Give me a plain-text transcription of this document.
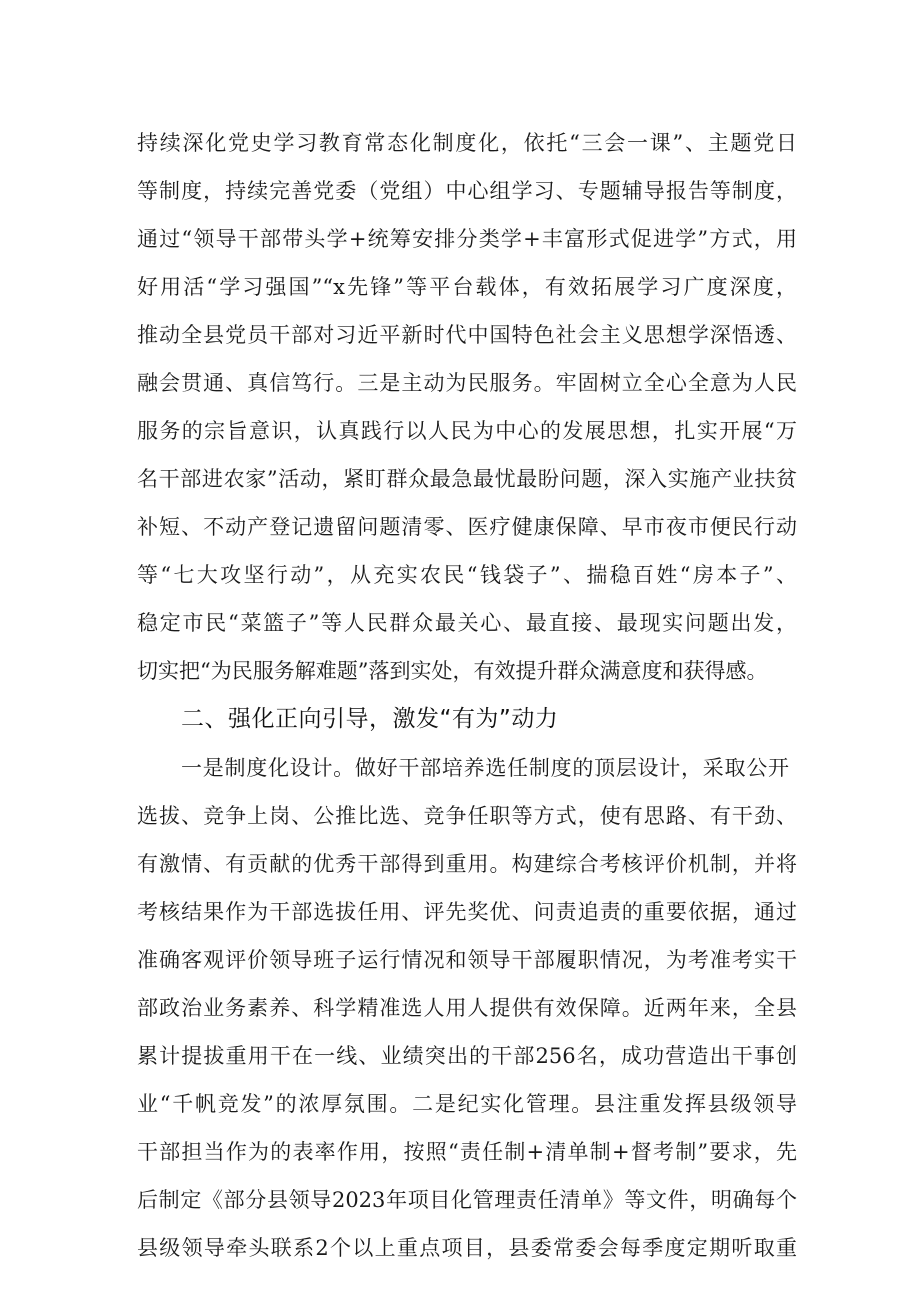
持续深化党史学习教育常态化制度化，依托“三会一课”、主题党日
等制度，持续完善党委（党组）中心组学习、专题辅导报告等制度，
通过“领导干部带头学+统筹安排分类学+丰富形式促进学”方式，用
好用活“学习强国”“x先锋”等平台载体，有效拓展学习广度深度，
推动全县党员干部对习近平新时代中国特色社会主义思想学深悟透、
融会贯通、真信笃行。三是主动为民服务。牢固树立全心全意为人民
服务的宗旨意识，认真践行以人民为中心的发展思想，扎实开展“万
名干部进农家”活动，紧盯群众最急最忧最盼问题，深入实施产业扶贫
补短、不动产登记遗留问题清零、医疗健康保障、早市夜市便民行动
等“七大攻坚行动”，从充实农民“钱袋子”、揣稳百姓“房本子”、
稳定市民“菜篮子”等人民群众最关心、最直接、最现实问题出发，
切实把“为民服务解难题”落到实处，有效提升群众满意度和获得感。
二、强化正向引导，激发“有为”动力
一是制度化设计。做好干部培养选任制度的顶层设计，采取公开
选拔、竞争上岗、公推比选、竞争任职等方式，使有思路、有干劲、
有激情、有贡献的优秀干部得到重用。构建综合考核评价机制，并将
考核结果作为干部选拔任用、评先奖优、问责追责的重要依据，通过
准确客观评价领导班子运行情况和领导干部履职情况，为考准考实干
部政治业务素养、科学精准选人用人提供有效保障。近两年来，全县
累计提拔重用干在一线、业绩突出的干部256名，成功营造出干事创
业“千帆竞发”的浓厚氛围。二是纪实化管理。县注重发挥县级领导
干部担当作为的表率作用，按照“责任制+清单制+督考制”要求，先
后制定《部分县领导2023年项目化管理责任清单》等文件，明确每个
县级领导牵头联系2个以上重点项目，县委常委会每季度定期听取重
